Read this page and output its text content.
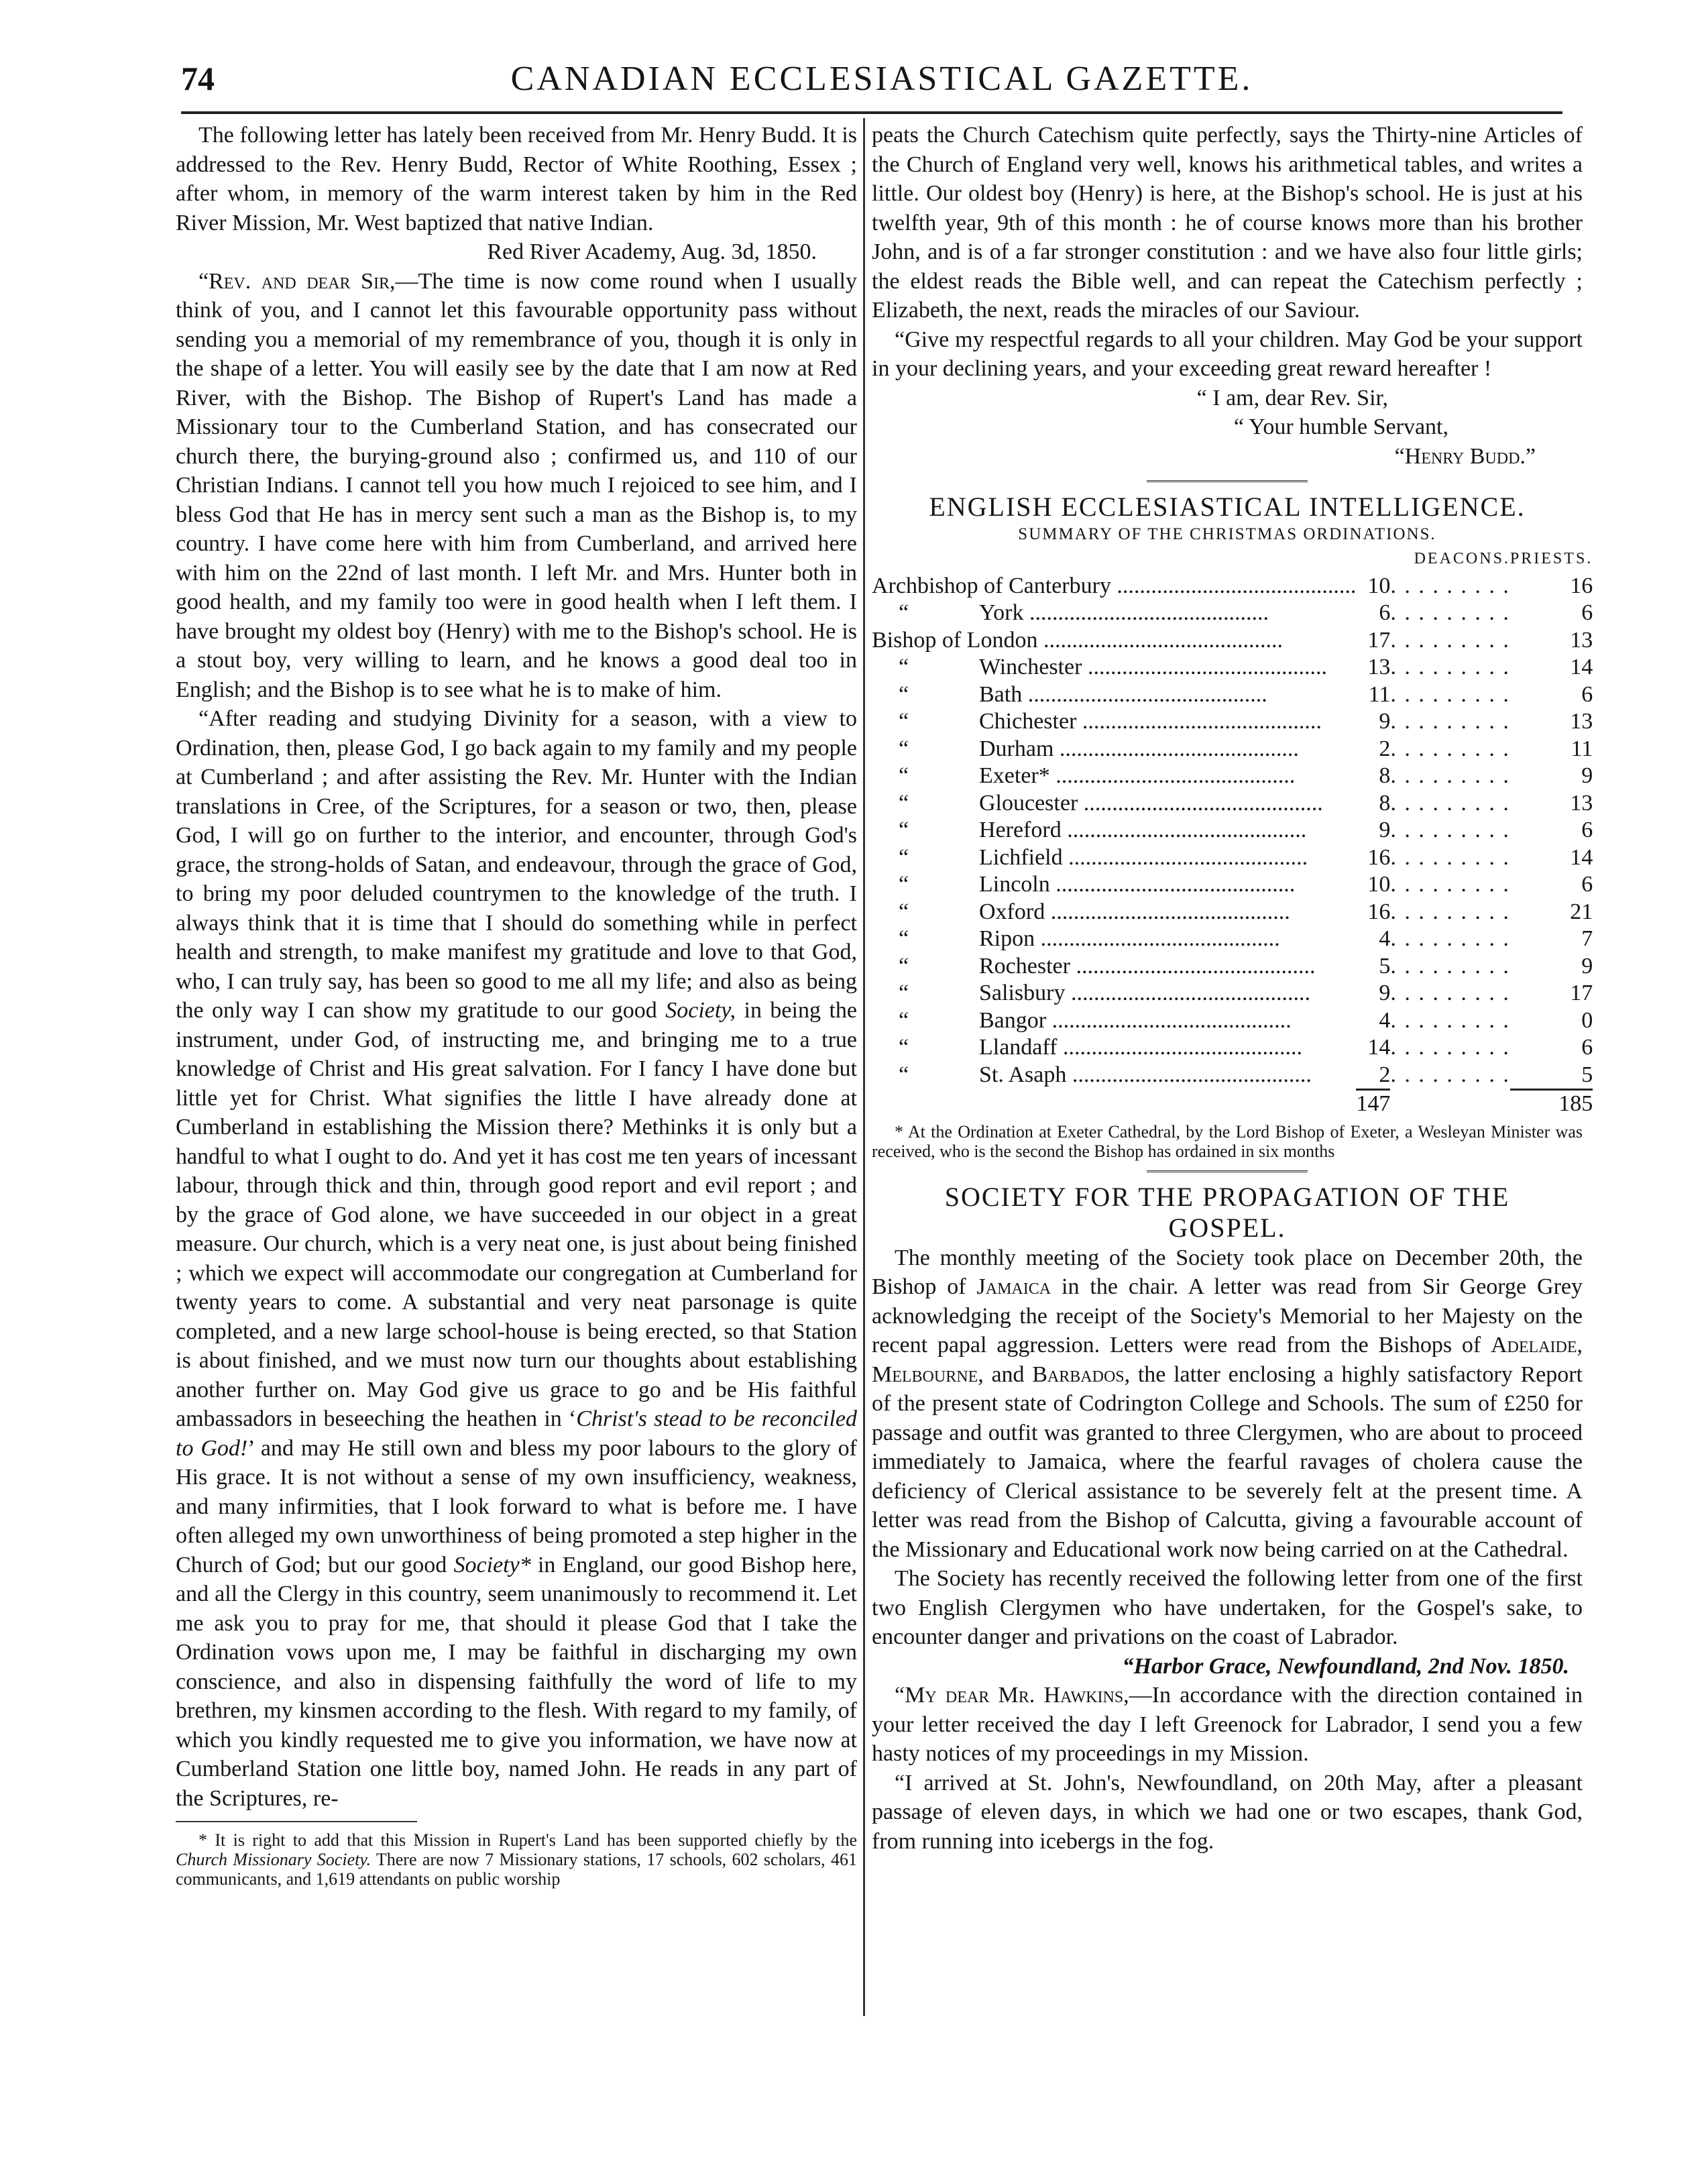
74	CANADIAN ECCLESIASTICAL GAZETTE.

The following letter has lately been received from Mr. Henry Budd. It is addressed to the Rev. Henry Budd, Rector of White Roothing, Essex ; after whom, in memory of the warm interest taken by him in the Red River Mission, Mr. West baptized that native Indian.

Red River Academy, Aug. 3d, 1850.

“Rev. and dear Sir,—The time is now come round when I usually think of you, and I cannot let this favourable opportunity pass without sending you a memorial of my remembrance of you, though it is only in the shape of a letter. You will easily see by the date that I am now at Red River, with the Bishop. The Bishop of Rupert's Land has made a Missionary tour to the Cumberland Station, and has consecrated our church there, the burying-ground also ; confirmed us, and 110 of our Christian Indians. I cannot tell you how much I rejoiced to see him, and I bless God that He has in mercy sent such a man as the Bishop is, to my country. I have come here with him from Cumberland, and arrived here with him on the 22nd of last month. I left Mr. and Mrs. Hunter both in good health, and my family too were in good health when I left them. I have brought my oldest boy (Henry) with me to the Bishop's school. He is a stout boy, very willing to learn, and he knows a good deal too in English; and the Bishop is to see what he is to make of him.

“After reading and studying Divinity for a season, with a view to Ordination, then, please God, I go back again to my family and my people at Cumberland ; and after assisting the Rev. Mr. Hunter with the Indian translations in Cree, of the Scriptures, for a season or two, then, please God, I will go on further to the interior, and encounter, through God's grace, the strong-holds of Satan, and endeavour, through the grace of God, to bring my poor deluded countrymen to the knowledge of the truth. I always think that it is time that I should do something while in perfect health and strength, to make manifest my gratitude and love to that God, who, I can truly say, has been so good to me all my life; and also as being the only way I can show my gratitude to our good Society, in being the instrument, under God, of instructing me, and bringing me to a true knowledge of Christ and His great salvation. For I fancy I have done but little yet for Christ. What signifies the little I have already done at Cumberland in establishing the Mission there? Methinks it is only but a handful to what I ought to do. And yet it has cost me ten years of incessant labour, through thick and thin, through good report and evil report ; and by the grace of God alone, we have succeeded in our object in a great measure. Our church, which is a very neat one, is just about being finished ; which we expect will accommodate our congregation at Cumberland for twenty years to come. A substantial and very neat parsonage is quite completed, and a new large school-house is being erected, so that Station is about finished, and we must now turn our thoughts about establishing another further on. May God give us grace to go and be His faithful ambassadors in beseeching the heathen in ‘Christ's stead to be reconciled to God!’ and may He still own and bless my poor labours to the glory of His grace. It is not without a sense of my own insufficiency, weakness, and many infirmities, that I look forward to what is before me. I have often alleged my own unworthiness of being promoted a step higher in the Church of God; but our good Society* in England, our good Bishop here, and all the Clergy in this country, seem unanimously to recommend it. Let me ask you to pray for me, that should it please God that I take the Ordination vows upon me, I may be faithful in discharging my own conscience, and also in dispensing faithfully the word of life to my brethren, my kinsmen according to the flesh. With regard to my family, of which you kindly requested me to give you information, we have now at Cumberland Station one little boy, named John. He reads in any part of the Scriptures, re-

* It is right to add that this Mission in Rupert's Land has been supported chiefly by the Church Missionary Society. There are now 7 Missionary stations, 17 schools, 602 scholars, 461 communicants, and 1,619 attendants on public worship

peats the Church Catechism quite perfectly, says the Thirty-nine Articles of the Church of England very well, knows his arithmetical tables, and writes a little. Our oldest boy (Henry) is here, at the Bishop's school. He is just at his twelfth year, 9th of this month : he of course knows more than his brother John, and is of a far stronger constitution : and we have also four little girls; the eldest reads the Bible well, and can repeat the Catechism perfectly ; Elizabeth, the next, reads the miracles of our Saviour.

“Give my respectful regards to all your children. May God be your support in your declining years, and your exceeding great reward hereafter !

“ I am, dear Rev. Sir,

“ Your humble Servant,

“Henry Budd.”

ENGLISH ECCLESIASTICAL INTELLIGENCE.
SUMMARY OF THE CHRISTMAS ORDINATIONS.
	DEACONS.		PRIESTS.
Archbishop of Canterbury ..........................................	10	. . . . . . . . .	16
“ York ..........................................	6	. . . . . . . . .	6
Bishop of London ..........................................	17	. . . . . . . . .	13
“ Winchester ..........................................	13	. . . . . . . . .	14
“ Bath ..........................................	11	. . . . . . . . .	6
“ Chichester ..........................................	9	. . . . . . . . .	13
“ Durham ..........................................	2	. . . . . . . . .	11
“ Exeter* ..........................................	8	. . . . . . . . .	9
“ Gloucester ..........................................	8	. . . . . . . . .	13
“ Hereford ..........................................	9	. . . . . . . . .	6
“ Lichfield ..........................................	16	. . . . . . . . .	14
“ Lincoln ..........................................	10	. . . . . . . . .	6
“ Oxford ..........................................	16	. . . . . . . . .	21
“ Ripon ..........................................	4	. . . . . . . . .	7
“ Rochester ..........................................	5	. . . . . . . . .	9
“ Salisbury ..........................................	9	. . . . . . . . .	17
“ Bangor ..........................................	4	. . . . . . . . .	0
“ Llandaff ..........................................	14	. . . . . . . . .	6
“ St. Asaph ..........................................	2	. . . . . . . . .	5
	147		185

* At the Ordination at Exeter Cathedral, by the Lord Bishop of Exeter, a Wesleyan Minister was received, who is the second the Bishop has ordained in six months

SOCIETY FOR THE PROPAGATION OF THE
GOSPEL.

The monthly meeting of the Society took place on December 20th, the Bishop of Jamaica in the chair. A letter was read from Sir George Grey acknowledging the receipt of the Society's Memorial to her Majesty on the recent papal aggression. Letters were read from the Bishops of Adelaide, Melbourne, and Barbados, the latter enclosing a highly satisfactory Report of the present state of Codrington College and Schools. The sum of £250 for passage and outfit was granted to three Clergymen, who are about to proceed immediately to Jamaica, where the fearful ravages of cholera cause the deficiency of Clerical assistance to be severely felt at the present time. A letter was read from the Bishop of Calcutta, giving a favourable account of the Missionary and Educational work now being carried on at the Cathedral.

The Society has recently received the following letter from one of the first two English Clergymen who have undertaken, for the Gospel's sake, to encounter danger and privations on the coast of Labrador.

“Harbor Grace, Newfoundland, 2nd Nov. 1850.

“My dear Mr. Hawkins,—In accordance with the direction contained in your letter received the day I left Greenock for Labrador, I send you a few hasty notices of my proceedings in my Mission.

“I arrived at St. John's, Newfoundland, on 20th May, after a pleasant passage of eleven days, in which we had one or two escapes, thank God, from running into icebergs in the fog.
